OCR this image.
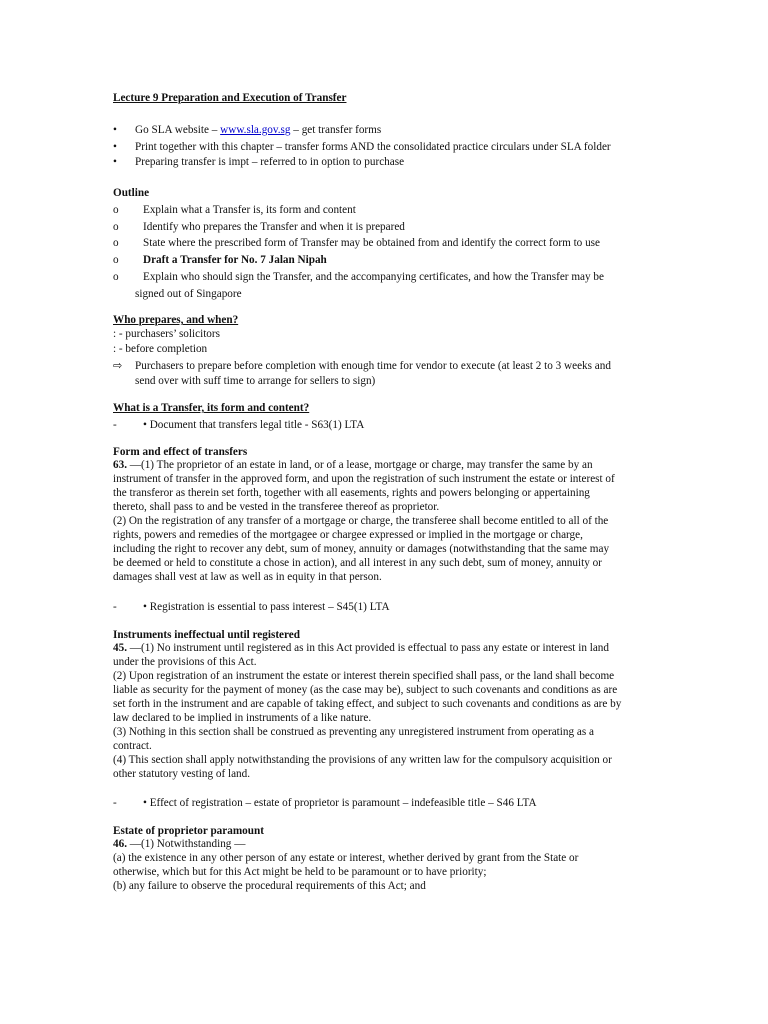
Lecture 9 Preparation and Execution of Transfer
• Go SLA website – www.sla.gov.sg – get transfer forms
• Print together with this chapter – transfer forms AND the consolidated practice circulars under SLA folder
• Preparing transfer is impt – referred to in option to purchase
Outline
o Explain what a Transfer is, its form and content
o Identify who prepares the Transfer and when it is prepared
o State where the prescribed form of Transfer may be obtained from and identify the correct form to use
o Draft a Transfer for No. 7 Jalan Nipah
o Explain who should sign the Transfer, and the accompanying certificates, and how the Transfer may be
signed out of Singapore
Who prepares, and when?
: - purchasers’ solicitors
: - before completion
⇨ Purchasers to prepare before completion with enough time for vendor to execute (at least 2 to 3 weeks and
send over with suff time to arrange for sellers to sign)
What is a Transfer, its form and content?
- • Document that transfers legal title - S63(1) LTA
Form and effect of transfers
63. —(1) The proprietor of an estate in land, or of a lease, mortgage or charge, may transfer the same by an
instrument of transfer in the approved form, and upon the registration of such instrument the estate or interest of
the transferor as therein set forth, together with all easements, rights and powers belonging or appertaining
thereto, shall pass to and be vested in the transferee thereof as proprietor.
(2) On the registration of any transfer of a mortgage or charge, the transferee shall become entitled to all of the
rights, powers and remedies of the mortgagee or chargee expressed or implied in the mortgage or charge,
including the right to recover any debt, sum of money, annuity or damages (notwithstanding that the same may
be deemed or held to constitute a chose in action), and all interest in any such debt, sum of money, annuity or
damages shall vest at law as well as in equity in that person.
- • Registration is essential to pass interest – S45(1) LTA
Instruments ineffectual until registered
45. —(1) No instrument until registered as in this Act provided is effectual to pass any estate or interest in land
under the provisions of this Act.
(2) Upon registration of an instrument the estate or interest therein specified shall pass, or the land shall become
liable as security for the payment of money (as the case may be), subject to such covenants and conditions as are
set forth in the instrument and are capable of taking effect, and subject to such covenants and conditions as are by
law declared to be implied in instruments of a like nature.
(3) Nothing in this section shall be construed as preventing any unregistered instrument from operating as a
contract.
(4) This section shall apply notwithstanding the provisions of any written law for the compulsory acquisition or
other statutory vesting of land.
- • Effect of registration – estate of proprietor is paramount – indefeasible title – S46 LTA
Estate of proprietor paramount
46. —(1) Notwithstanding —
(a) the existence in any other person of any estate or interest, whether derived by grant from the State or
otherwise, which but for this Act might be held to be paramount or to have priority;
(b) any failure to observe the procedural requirements of this Act; and
